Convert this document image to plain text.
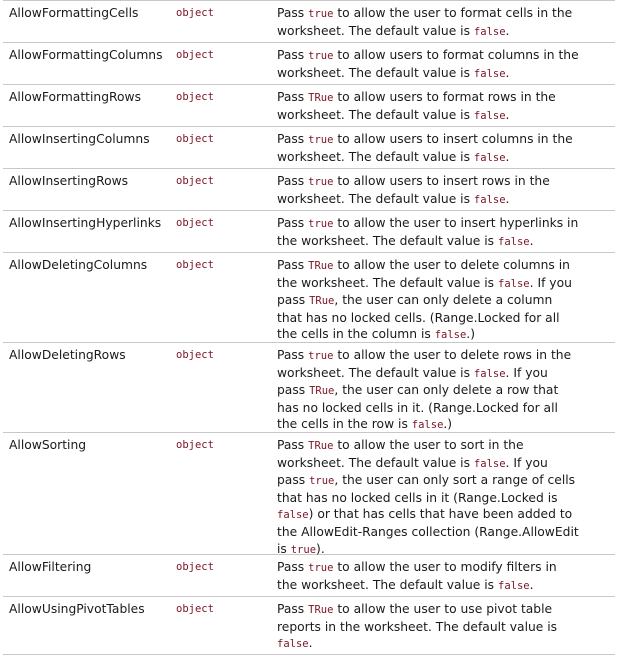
AllowFormattingCells	object	Pass true to allow the user to format cells in the
worksheet. The default value is false.
AllowFormattingColumns	object	Pass true to allow users to format columns in the
worksheet. The default value is false.
AllowFormattingRows	object	Pass TRue to allow users to format rows in the
worksheet. The default value is false.
AllowInsertingColumns	object	Pass true to allow users to insert columns in the
worksheet. The default value is false.
AllowInsertingRows	object	Pass true to allow users to insert rows in the
worksheet. The default value is false.
AllowInsertingHyperlinks	object	Pass true to allow the user to insert hyperlinks in
the worksheet. The default value is false.
AllowDeletingColumns	object	Pass TRue to allow the user to delete columns in
the worksheet. The default value is false. If you
pass TRue, the user can only delete a column
that has no locked cells. (Range.Locked for all
the cells in the column is false.)
AllowDeletingRows	object	Pass true to allow the user to delete rows in the
worksheet. The default value is false. If you
pass TRue, the user can only delete a row that
has no locked cells in it. (Range.Locked for all
the cells in the row is false.)
AllowSorting	object	Pass TRue to allow the user to sort in the
worksheet. The default value is false. If you
pass true, the user can only sort a range of cells
that has no locked cells in it (Range.Locked is
false) or that has cells that have been added to
the AllowEdit-Ranges collection (Range.AllowEdit
is true).
AllowFiltering	object	Pass true to allow the user to modify filters in
the worksheet. The default value is false.
AllowUsingPivotTables	object	Pass TRue to allow the user to use pivot table
reports in the worksheet. The default value is
false.
